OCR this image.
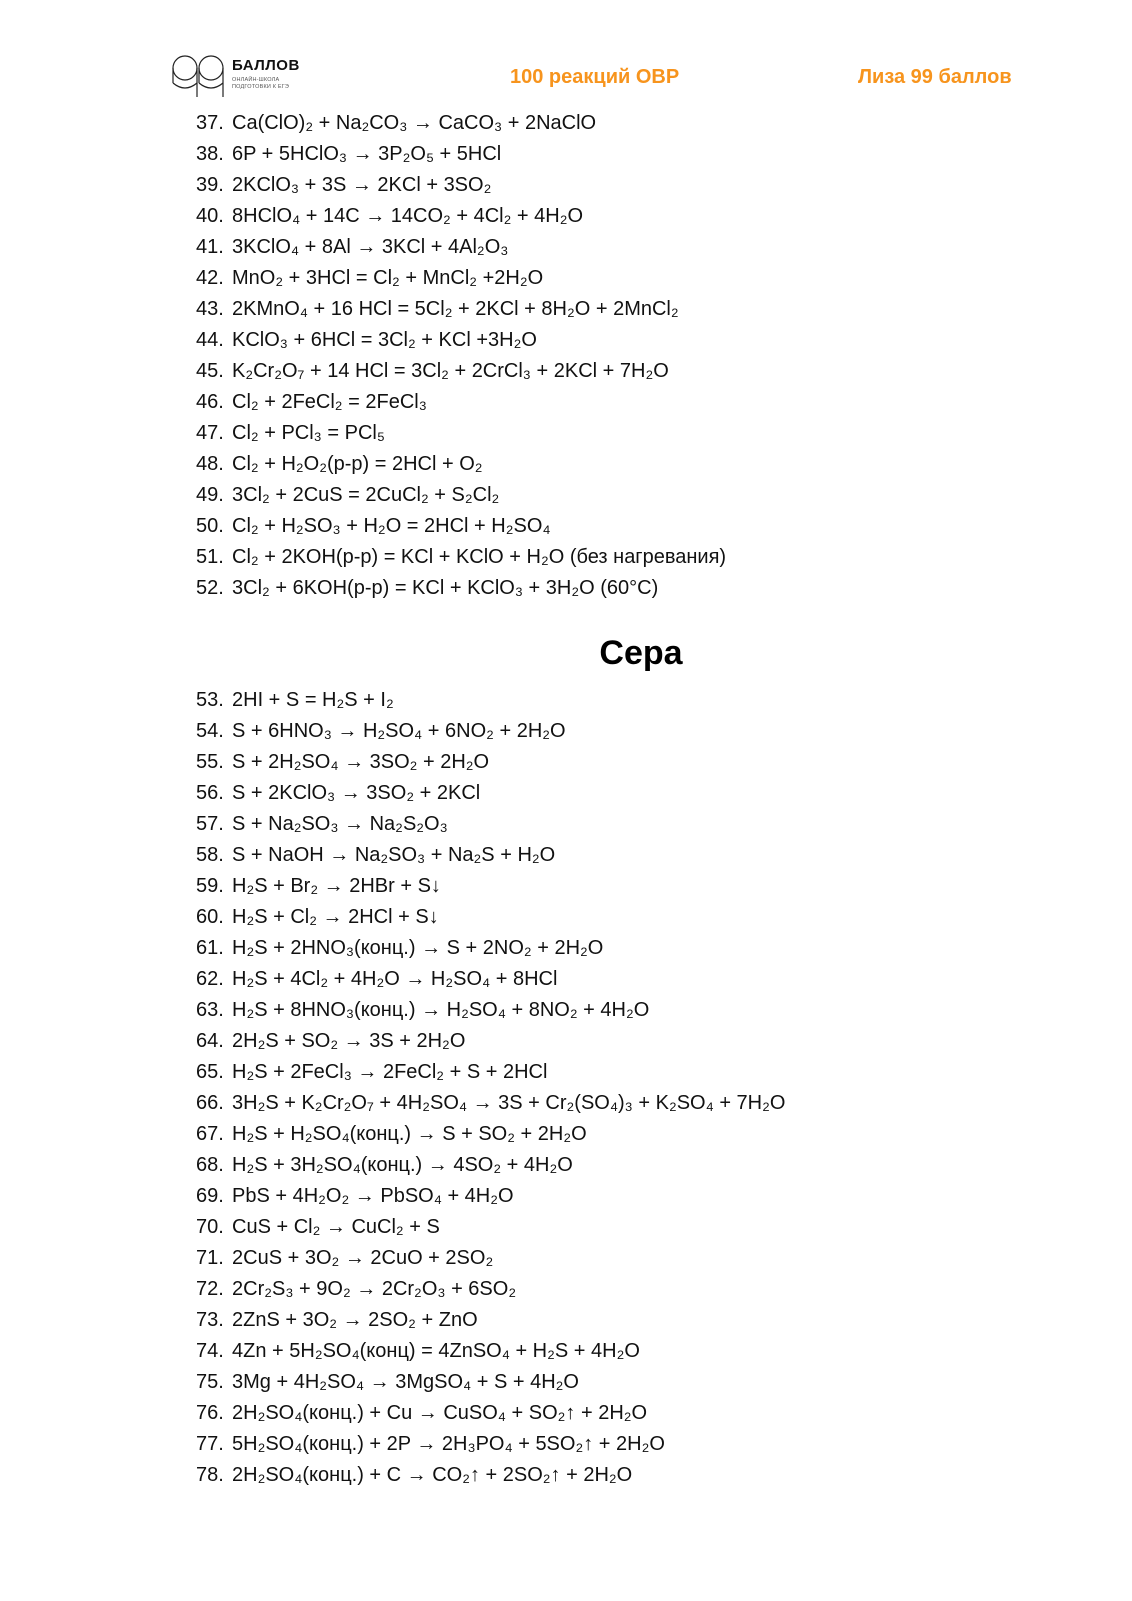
БАЛЛОВ
ОНЛАЙН-ШКОЛА
ПОДГОТОВКИ К ЕГЭ	100 реакций ОВР	Лиза 99 баллов
37. Ca(ClO)₂ + Na₂CO₃ → CaCO₃ + 2NaClO
38. 6P + 5HClO₃ → 3P₂O₅ + 5HCl
39. 2KClO₃ + 3S → 2KCl + 3SO₂
40. 8HClO₄ + 14C → 14CO₂ + 4Cl₂ + 4H₂O
41. 3KClO₄ + 8Al → 3KCl + 4Al₂O₃
42. MnO₂ + 3HCl = Cl₂ + MnCl₂ +2H₂O
43. 2KMnO₄ + 16 HCl = 5Cl₂ + 2KCl + 8H₂O + 2MnCl₂
44. KClO₃ + 6HCl = 3Cl₂ + KCl +3H₂O
45. K₂Cr₂O₇ + 14 HCl = 3Cl₂ + 2CrCl₃ + 2KCl + 7H₂O
46. Cl₂ + 2FeCl₂ = 2FeCl₃
47. Cl₂ + PCl₃ = PCl₅
48. Cl₂ + H₂O₂(р-р) = 2HCl + O₂
49. 3Cl₂ + 2CuS = 2CuCl₂ + S₂Cl₂
50. Cl₂ + H₂SO₃ + H₂O = 2HCl + H₂SO₄
51. Cl₂ + 2KOH(р-р) = KCl + KClO + H₂O (без нагревания)
52. 3Cl₂ + 6KOH(р-р) = KCl + KClO₃ + 3H₂O (60°C)
Сера
53. 2HI + S = H₂S + I₂
54. S + 6HNO₃ → H₂SO₄ + 6NO₂ + 2H₂O
55. S + 2H₂SO₄ → 3SO₂ + 2H₂O
56. S + 2KClO₃ → 3SO₂ + 2KCl
57. S + Na₂SO₃ → Na₂S₂O₃
58. S + NaOH → Na₂SO₃ + Na₂S + H₂O
59. H₂S + Br₂ → 2HBr + S↓
60. H₂S + Cl₂ → 2HCl + S↓
61. H₂S + 2HNO₃(конц.) → S + 2NO₂ + 2H₂O
62. H₂S + 4Cl₂ + 4H₂O → H₂SO₄ + 8HCl
63. H₂S + 8HNO₃(конц.) → H₂SO₄ + 8NO₂ + 4H₂O
64. 2H₂S + SO₂ → 3S + 2H₂O
65. H₂S + 2FeCl₃ → 2FeCl₂ + S + 2HCl
66. 3H₂S + K₂Cr₂O₇ + 4H₂SO₄ → 3S + Cr₂(SO₄)₃ + K₂SO₄ + 7H₂O
67. H₂S + H₂SO₄(конц.) → S + SO₂ + 2H₂O
68. H₂S + 3H₂SO₄(конц.) → 4SO₂ + 4H₂O
69. PbS + 4H₂O₂ → PbSO₄ + 4H₂O
70. CuS + Cl₂ → CuCl₂ + S
71. 2CuS + 3O₂ → 2CuO + 2SO₂
72. 2Cr₂S₃ + 9O₂ → 2Cr₂O₃ + 6SO₂
73. 2ZnS + 3O₂ → 2SO₂ + ZnO
74. 4Zn + 5H₂SO₄(конц) = 4ZnSO₄ + H₂S + 4H₂O
75. 3Mg + 4H₂SO₄ → 3MgSO₄ + S + 4H₂O
76. 2H₂SO₄(конц.) + Cu → CuSO₄ + SO₂↑ + 2H₂O
77. 5H₂SO₄(конц.) + 2P → 2H₃PO₄ + 5SO₂↑ + 2H₂O
78. 2H₂SO₄(конц.) + C → CO₂↑ + 2SO₂↑ + 2H₂O
